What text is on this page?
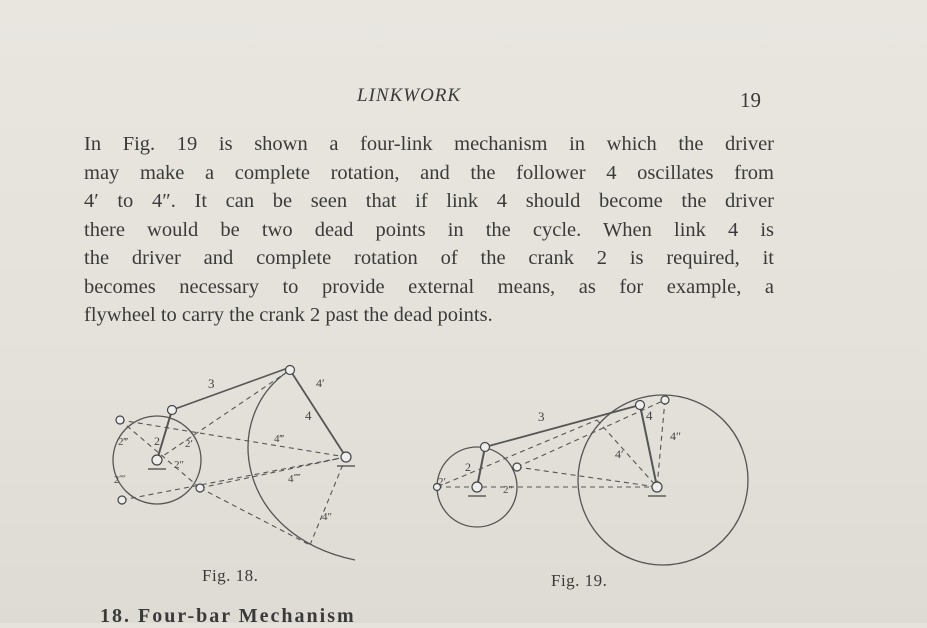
LINKWORK	19
In Fig. 19 is shown a four-link mechanism in which the driver
may make a complete rotation, and the follower 4 oscillates from
4′ to 4″. It can be seen that if link 4 should become the driver
there would be two dead points in the cycle. When link 4 is
the driver and complete rotation of the crank 2 is required, it
becomes necessary to provide external means, as for example, a
flywheel to carry the crank 2 past the dead points.
3	4′
4
4‴
4⁗
4″
2‴ 2 2′
2″
2⁗
Fig. 18.
3	4
4″
4′
2
2′
2″
Fig. 19.
18. Four-bar Mechanism
